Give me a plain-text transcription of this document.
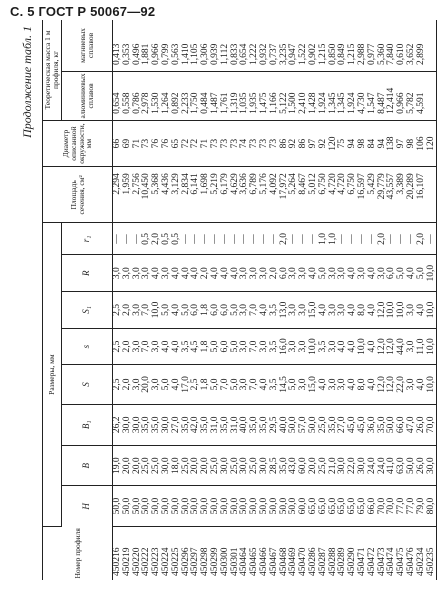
С. 5 ГОСТ Р 50067—92
Продолжение табл. 1
Номер профиля	Размеры, мм								Площадь сечения, см²	Диаметр описанной окружности, мм	Теоретическая масса 1 м профиля, кг	
	H	B	B₁	S	s	S₁	R	r₁			алюминиевых сплавов	магниевых сплавов
450216	50,0	19,0	26,2	2,5	2,5	2,5	3,0	—	2,294	66	0,654	0,413
450219	50,0	20,0	30,0	2,0	2,0	2,0	3,0	—	1,959	69	0,558	0,353
450220	50,0	20,0	30,0	3,0	3,0	3,0	3,0	—	2,756	71	0,786	0,496
450222	50,0	25,0	35,0	20,0	7,0	7,0	3,0	0,5	10,450	73	2,978	1,881
450223	50,0	25,0	35,0	3,0	3,0	10,0	4,0	2,0	5,368	76	1,530	0,966
450224	50,0	30,0	30,0	5,0	4,0	5,0	3,0	0,5	4,436	76	1,264	0,799
450225	50,0	18,0	27,0	4,0	4,0	4,0	4,0	0,5	3,129	65	0,892	0,563
450296	50,0	25,0	35,0	17,0	3,5	5,0	4,0	—	2,834	72	2,233	1,410
450297	50,0	20,0	42,0	2,5	4,5	6,0	4,0	—	6,141	72	1,750	1,105
450298	50,0	20,0	35,0	1,8	1,8	1,8	2,0	—	1,698	71	0,484	0,306
450299	50,0	25,0	31,0	5,0	5,0	6,0	4,0	—	5,219	73	1,487	0,939
450300	50,0	30,0	35,0	7,0	6,0	6,0	4,0	—	6,179	73	1,761	1,112
450301	50,0	25,0	31,0	5,0	5,0	5,0	4,0	—	4,629	73	1,319	0,833
450464	50,0	30,0	40,0	3,0	3,0	3,0	3,0	—	3,636	74	1,035	0,654
450465	50,0	25,0	35,0	7,0	7,0	7,0	3,0	—	6,789	73	1,935	1,222
450466	50,0	30,0	35,0	4,0	3,0	4,0	3,0	—	5,176	73	1,475	0,932
450467	50,0	28,5	29,5	3,5	3,5	3,5	2,0	—	4,092	73	1,166	0,737
450468	50,0	35,0	40,0	14,5	16,0	13,0	6,0	2,0	17,972	86	5,122	3,235
450469	50,0	43,0	50,0	5,0	3,0	3,0	3,0	—	5,264	92	1,500	0,947
450470	60,0	60,0	57,0	3,0	3,0	3,0	3,0	—	8,467	86	2,410	1,522
450286	65,0	20,0	50,0	15,0	10,0	15,0	4,0	—	5,012	97	1,428	0,902
450287	65,0	25,0	25,0	4,0	3,5	4,0	5,0	1,0	6,750	92	1,924	1,215
450288	65,0	21,0	35,0	3,0	3,0	3,0	3,0	1,0	4,720	120	1,345	0,850
450289	65,0	30,0	27,0	3,0	4,0	3,0	3,0	—	4,720	75	1,345	0,849
450290	65,0	22,0	45,0	4,0	4,0	4,0	4,0	—	6,750	94	1,924	1,215
450471	65,0	30,0	45,0	8,0	10,0	8,0	3,0	—	16,597	98	4,730	2,988
450472	66,0	24,0	36,0	4,0	4,0	4,0	4,0	—	5,429	84	1,547	0,977
450473	70,0	24,0	35,0	12,0	12,0	12,0	3,0	2,0	29,779	94	8,487	5,360
450474	70,0	41,0	50,0	12,0	12,0	10,0	6,0	—	43,557	138	12,414	7,840
450475	77,0	63,0	66,0	22,0	44,0	10,0	5,0	—	3,389	97	0,966	0,610
450476	77,0	50,0	47,0	3,0	3,0	3,0	4,0	—	20,289	98	5,782	3,652
450234	79,0	26,0	26,0	4,0	11,0	4,0	5,0	2,0	16,107	106	4,591	2,899
450235	80,0	30,0	70,0	10,0	10,0	10,0	10,0	—		120		
